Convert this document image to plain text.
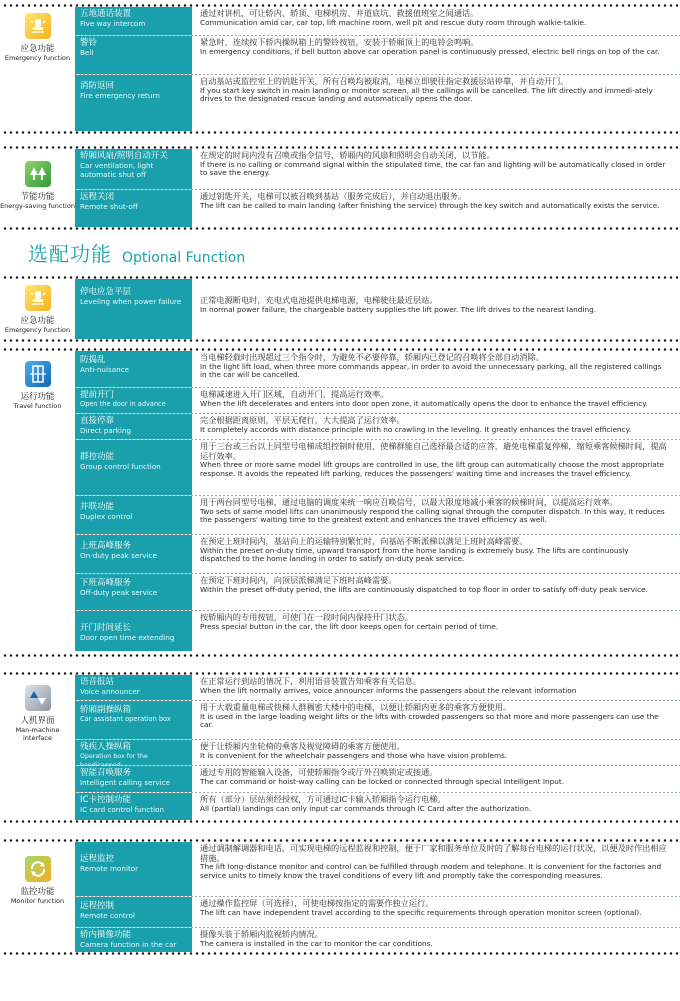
应急功能
Emergency function
五地通话装置
Five way intercom
通过对讲机，可让轿内、轿顶、电梯机房、井道底坑、救援值班室之间通话。
Communication amid car, car top, lift machine room, well pit and rescue duty room through walkie-talkie.
警铃
Bell
紧急时，连续按下轿内操纵箱上的警铃按钮，安装于轿厢顶上的电铃会鸣响。
In emergency conditions, if bell button above car operation panel is continuously pressed, electric bell rings on top of the car.
消防返回
Fire emergency return
启动基站或监控室上的钥匙开关，所有召唤均被取消，电梯立即驶往指定救援层站停靠，并自动开门。
If you start key switch in main landing or monitor screen, all the callings will be cancelled. The lift directly and immedi-ately drives to the designated rescue landing and automatically opens the door.
节能功能
Energy-saving function
轿厢风扇/照明自动开关
Car ventilation, light automatic shut off
在规定的时间内没有召唤或指令信号，轿厢内的风扇和照明会自动关闭，以节能。
If there is no calling or command signal within the stipulated time, the car fan and lighting will be automatically closed in order to save the energy.
远程关闭
Remote shut-off
通过钥匙开关，电梯可以被召唤到基站（服务完成后），并自动退出服务。
The lift can be called to main landing (after finishing the service) through the key switch and automatically exists the service.
选配功能 Optional Function
应急功能
Emergency function
停电应急平层
Leveling when power failure	正常电源断电时，充电式电池提供电梯电源，电梯驶往最近层站。
In normal power failure, the chargeable battery supplies the lift power. The lift drives to the nearest landing.
运行功能
Travel function
防捣乱
Anti-nuisance
当电梯轻载时出现超过三个指令时，为避免不必要停靠，轿厢内已登记的召唤将全部自动消除。
In the light lift load, when three more commands appear, in order to avoid the unnecessary parking, all the registered callings in the car will be cancelled.
提前开门
Open the door in advance
电梯减速进入开门区域，自动开门，提高运行效率。
When the lift decelerates and enters into door open zone, it automatically opens the door to enhance the travel efficiency.
直接停靠
Direct parking
完全根据距离原则，平层无爬行，大大提高了运行效率。
It completely accords with distance principle with no crawling in the leveling. It greatly enhances the travel efficiency.
群控功能
Group control function
用于三台或三台以上同型号电梯成组控制时使用，使梯群能自己选择最合适的应答，避免电梯重复停梯，缩短乘客候梯时间，提高运行效率。
When three or more same model lift groups are controlled in use, the lift group can automatically choose the most appropriate response. It avoids the repeated lift parking, reduces the passengers' waiting time and increases the travel efficiency.
并联功能
Duplex control
用于两台同型号电梯，通过电脑的调度来统一响应召唤信号，以最大限度地减小乘客的候梯时间，以提高运行效率。
Two sets of same model lifts can unanimously respond the calling signal through the computer dispatch. In this way, it reduces the passengers' waiting time to the greatest extent and enhances the travel efficiency as well.
上班高峰服务
On-duty peak service
在预定上班时间内，基站向上的运输特别繁忙时，向基站不断派梯以满足上班时高峰需要。
Within the preset on-duty time, upward transport from the home landing is extremely busy. The lifts are continuously dispatched to the home landing in order to satisfy on-duty peak service.
下班高峰服务
Off-duty peak service
在预定下班时间内，向顶层派梯满足下班时高峰需要。
Within the preset off-duty period, the lifts are continuously dispatched to top floor in order to satisfy off-duty peak service.
开门时间延长
Door open time extending
按轿厢内的专用按钮，可使门在一段时间内保持开门状态。
Press special button in the car, the lift door keeps open for certain period of time.
人机界面
Man-machine interface
语音报站
Voice announcer
在正常运行到站的情况下，利用语音装置告知乘客有关信息。
When the lift normally arrives, voice announcer informs the passengers about the relevant information
轿厢副操纵箱
Car assistant operation box
用于大载重量电梯或快梯人群稠密大楼中的电梯，以便让轿厢内更多的乘客方便使用。
It is used in the large loading weight lifts or the lifts with crowded passengers so that more and more passengers can use the car.
残疾人操纵箱
Operation box for the
便于让轿厢内坐轮椅的乘客及视觉障碍的乘客方便使用。
It is convenient for the wheelchair passengers and those who have vision problems.
智能召唤服务
Intelligent calling service
通过专用的智能输入设备，可使轿厢指令或厅外召唤锁定或接通。
The car command or hoist-way calling can be locked or connected through special Intelligent Input.
IC卡控制功能
IC card control function
所有（部分）层站须经授权，方可通过IC卡输入轿厢指令运行电梯。
All (partial) landings can only input car commands through IC Card after the authorization.
监控功能
Monitor function
远程监控
Remote monitor
通过调制解调器和电话，可实现电梯的远程监视和控制，便于厂家和服务单位及时的了解每台电梯的运行状况，以便及时作出相应措施。
The lift long-distance monitor and control can be fulfilled through modem and telephone. It is convenient for the factories and service units to timely know the travel conditions of every lift and promptly take the corresponding measures.
远程控制
Remote control
通过操作监控屏（可选择），可使电梯按指定的需要作独立运行。
The lift can have independent travel according to the specific requirements through operation monitor screen (optional).
轿内摄像功能
Camera function in the car
摄像头装于轿厢内监视轿内情况。
The camera is installed in the car to monitor the car conditions.
